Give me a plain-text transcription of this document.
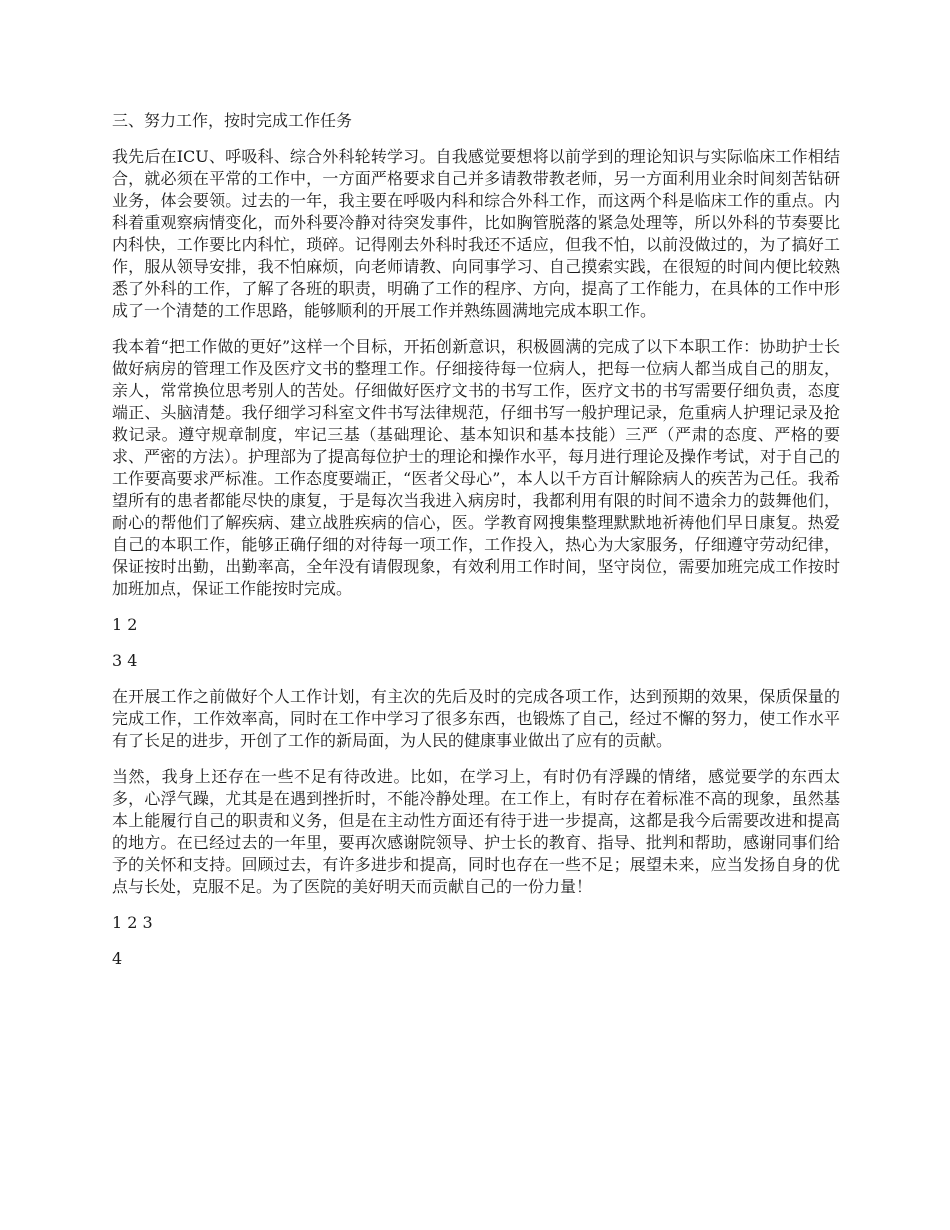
三、努力工作，按时完成工作任务

我先后在ICU、呼吸科、综合外科轮转学习。自我感觉要想将以前学到的理论知识与实际临床工作相结合，就必须在平常的工作中，一方面严格要求自己并多请教带教老师，另一方面利用业余时间刻苦钻研业务，体会要领。过去的一年，我主要在呼吸内科和综合外科工作，而这两个科是临床工作的重点。内科着重观察病情变化，而外科要冷静对待突发事件，比如胸管脱落的紧急处理等，所以外科的节奏要比内科快，工作要比内科忙，琐碎。记得刚去外科时我还不适应，但我不怕，以前没做过的，为了搞好工作，服从领导安排，我不怕麻烦，向老师请教、向同事学习、自己摸索实践，在很短的时间内便比较熟悉了外科的工作，了解了各班的职责，明确了工作的程序、方向，提高了工作能力，在具体的工作中形成了一个清楚的工作思路，能够顺利的开展工作并熟练圆满地完成本职工作。

我本着“把工作做的更好”这样一个目标，开拓创新意识，积极圆满的完成了以下本职工作：协助护士长做好病房的管理工作及医疗文书的整理工作。仔细接待每一位病人，把每一位病人都当成自己的朋友，亲人，常常换位思考别人的苦处。仔细做好医疗文书的书写工作，医疗文书的书写需要仔细负责，态度端正、头脑清楚。我仔细学习科室文件书写法律规范，仔细书写一般护理记录，危重病人护理记录及抢救记录。遵守规章制度，牢记三基（基础理论、基本知识和基本技能）三严（严肃的态度、严格的要求、严密的方法）。护理部为了提高每位护士的理论和操作水平，每月进行理论及操作考试，对于自己的工作要高要求严标准。工作态度要端正，“医者父母心”，本人以千方百计解除病人的疾苦为己任。我希望所有的患者都能尽快的康复，于是每次当我进入病房时，我都利用有限的时间不遗余力的鼓舞他们，耐心的帮他们了解疾病、建立战胜疾病的信心，医。学教育网搜集整理默默地祈祷他们早日康复。热爱自己的本职工作，能够正确仔细的对待每一项工作，工作投入，热心为大家服务，仔细遵守劳动纪律，保证按时出勤，出勤率高，全年没有请假现象，有效利用工作时间，坚守岗位，需要加班完成工作按时加班加点，保证工作能按时完成。

1 2

3 4

在开展工作之前做好个人工作计划，有主次的先后及时的完成各项工作，达到预期的效果，保质保量的完成工作，工作效率高，同时在工作中学习了很多东西，也锻炼了自己，经过不懈的努力，使工作水平有了长足的进步，开创了工作的新局面，为人民的健康事业做出了应有的贡献。

当然，我身上还存在一些不足有待改进。比如，在学习上，有时仍有浮躁的情绪，感觉要学的东西太多，心浮气躁，尤其是在遇到挫折时，不能冷静处理。在工作上，有时存在着标准不高的现象，虽然基本上能履行自己的职责和义务，但是在主动性方面还有待于进一步提高，这都是我今后需要改进和提高的地方。在已经过去的一年里，要再次感谢院领导、护士长的教育、指导、批判和帮助，感谢同事们给予的关怀和支持。回顾过去，有许多进步和提高，同时也存在一些不足；展望未来，应当发扬自身的优点与长处，克服不足。为了医院的美好明天而贡献自己的一份力量！

1 2 3

4
